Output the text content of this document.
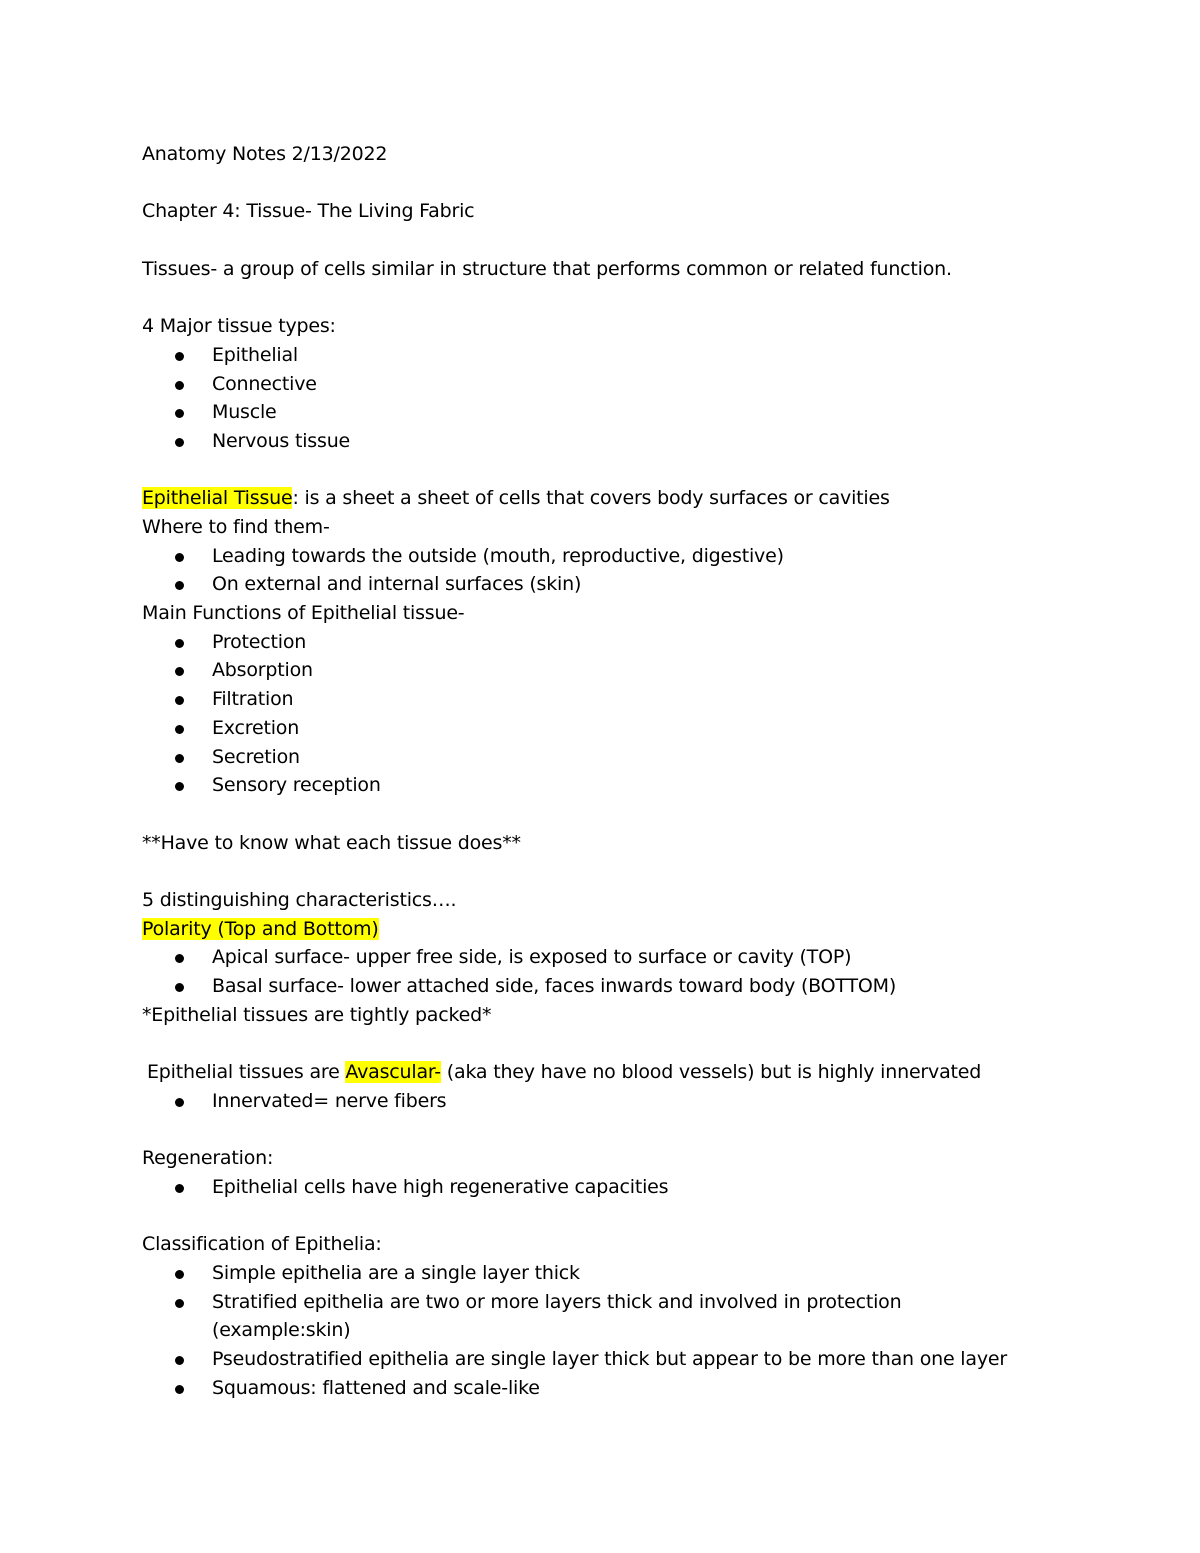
Anatomy Notes 2/13/2022
Chapter 4: Tissue- The Living Fabric
Tissues- a group of cells similar in structure that performs common or related function.
4 Major tissue types:
Epithelial
Connective
Muscle
Nervous tissue
Epithelial Tissue: is a sheet a sheet of cells that covers body surfaces or cavities
Where to find them-
Leading towards the outside (mouth, reproductive, digestive)
On external and internal surfaces (skin)
Main Functions of Epithelial tissue-
Protection
Absorption
Filtration
Excretion
Secretion
Sensory reception
**Have to know what each tissue does**
5 distinguishing characteristics….
Polarity (Top and Bottom)
Apical surface- upper free side, is exposed to surface or cavity (TOP)
Basal surface- lower attached side, faces inwards toward body (BOTTOM)
*Epithelial tissues are tightly packed*
Epithelial tissues are Avascular- (aka they have no blood vessels) but is highly innervated
Innervated= nerve fibers
Regeneration:
Epithelial cells have high regenerative capacities
Classification of Epithelia:
Simple epithelia are a single layer thick
Stratified epithelia are two or more layers thick and involved in protection (example:skin)
Pseudostratified epithelia are single layer thick but appear to be more than one layer
Squamous: flattened and scale-like
